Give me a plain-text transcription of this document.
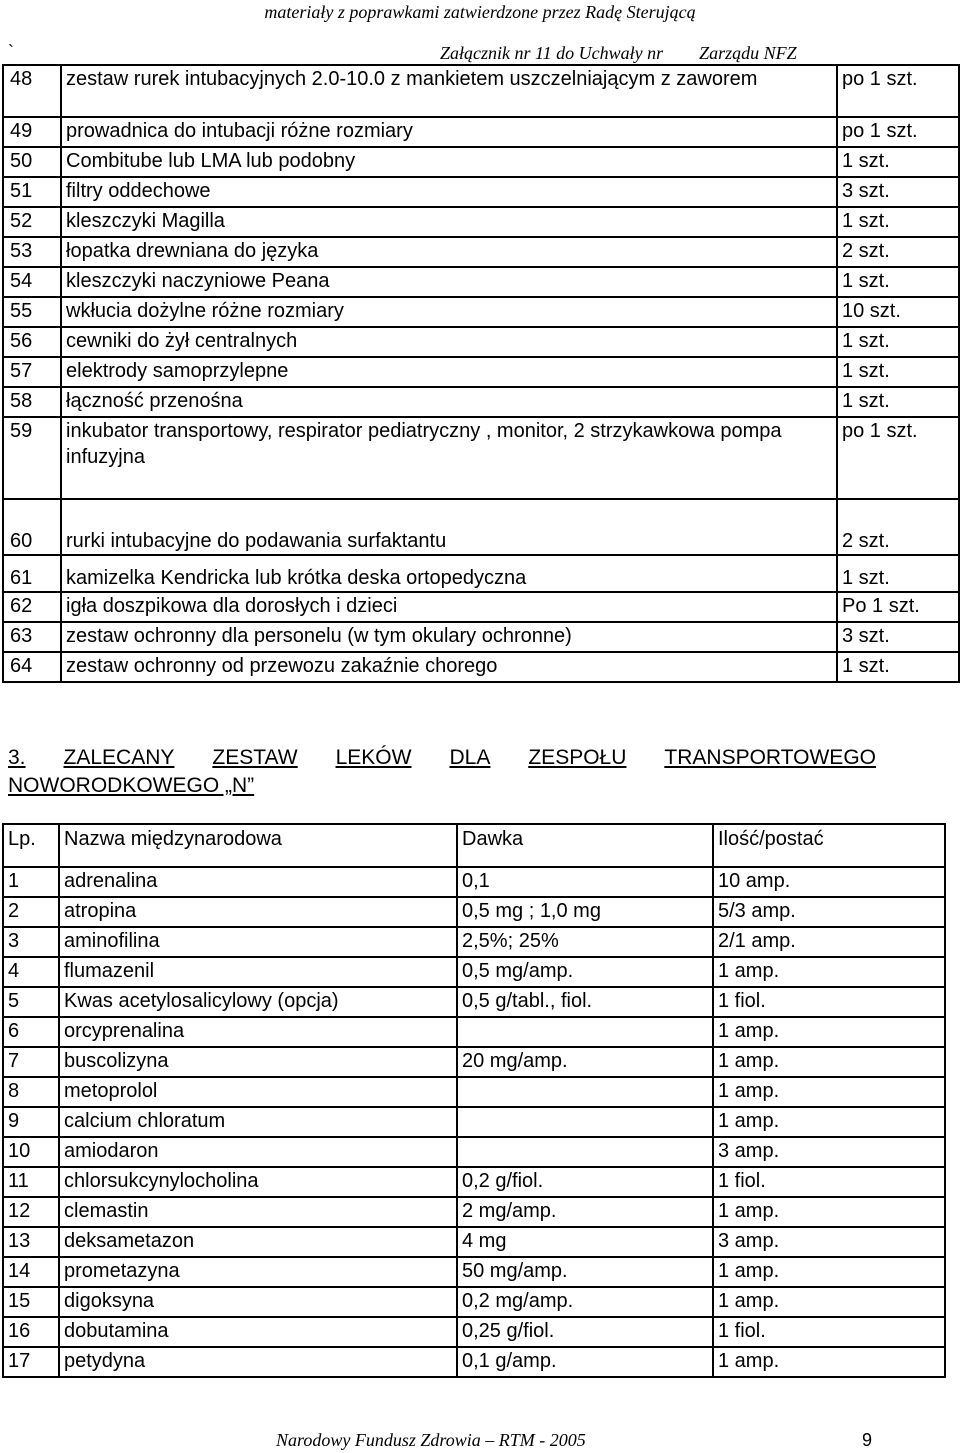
materiały z poprawkami zatwierdzone przez Radę Sterującą
`	Załącznik nr 11 do Uchwały nr        Zarządu NFZ
48	zestaw rurek intubacyjnych 2.0-10.0 z mankietem uszczelniającym z zaworem	po 1 szt.
49	prowadnica do intubacji różne rozmiary	po 1 szt.
50	Combitube lub LMA lub podobny	1 szt.
51	filtry oddechowe	3 szt.
52	kleszczyki Magilla	1 szt.
53	łopatka drewniana do języka	2 szt.
54	kleszczyki naczyniowe Peana	1 szt.
55	wkłucia dożylne różne rozmiary	10 szt.
56	cewniki do żył centralnych	1 szt.
57	elektrody samoprzylepne	1 szt.
58	łączność przenośna	1 szt.
59	inkubator transportowy, respirator pediatryczny , monitor, 2 strzykawkowa pompa infuzyjna	po 1 szt.
60	rurki intubacyjne do podawania surfaktantu	2 szt.
61	kamizelka Kendricka lub krótka deska ortopedyczna	1 szt.
62	igła doszpikowa dla dorosłych i dzieci	Po 1 szt.
63	zestaw ochronny dla personelu (w tym okulary ochronne)	3 szt.
64	zestaw ochronny od przewozu zakaźnie chorego	1 szt.
3. ZALECANY ZESTAW LEKÓW DLA ZESPOŁU TRANSPORTOWEGO
NOWORODKOWEGO „N”
Lp.	Nazwa międzynarodowa	Dawka	Ilość/postać
1	adrenalina	0,1	10 amp.
2	atropina	0,5 mg ; 1,0 mg	5/3 amp.
3	aminofilina	2,5%; 25%	2/1 amp.
4	flumazenil	0,5 mg/amp.	1 amp.
5	Kwas acetylosalicylowy (opcja)	0,5 g/tabl., fiol.	1 fiol.
6	orcyprenalina		1 amp.
7	buscolizyna	20 mg/amp.	1 amp.
8	metoprolol		1 amp.
9	calcium chloratum		1 amp.
10	amiodaron		3 amp.
11	chlorsukcynylocholina	0,2 g/fiol.	1 fiol.
12	clemastin	2 mg/amp.	1 amp.
13	deksametazon	4 mg	3 amp.
14	prometazyna	50 mg/amp.	1 amp.
15	digoksyna	0,2 mg/amp.	1 amp.
16	dobutamina	0,25 g/fiol.	1 fiol.
17	petydyna	0,1 g/amp.	1 amp.
Narodowy Fundusz Zdrowia – RTM - 2005	9
